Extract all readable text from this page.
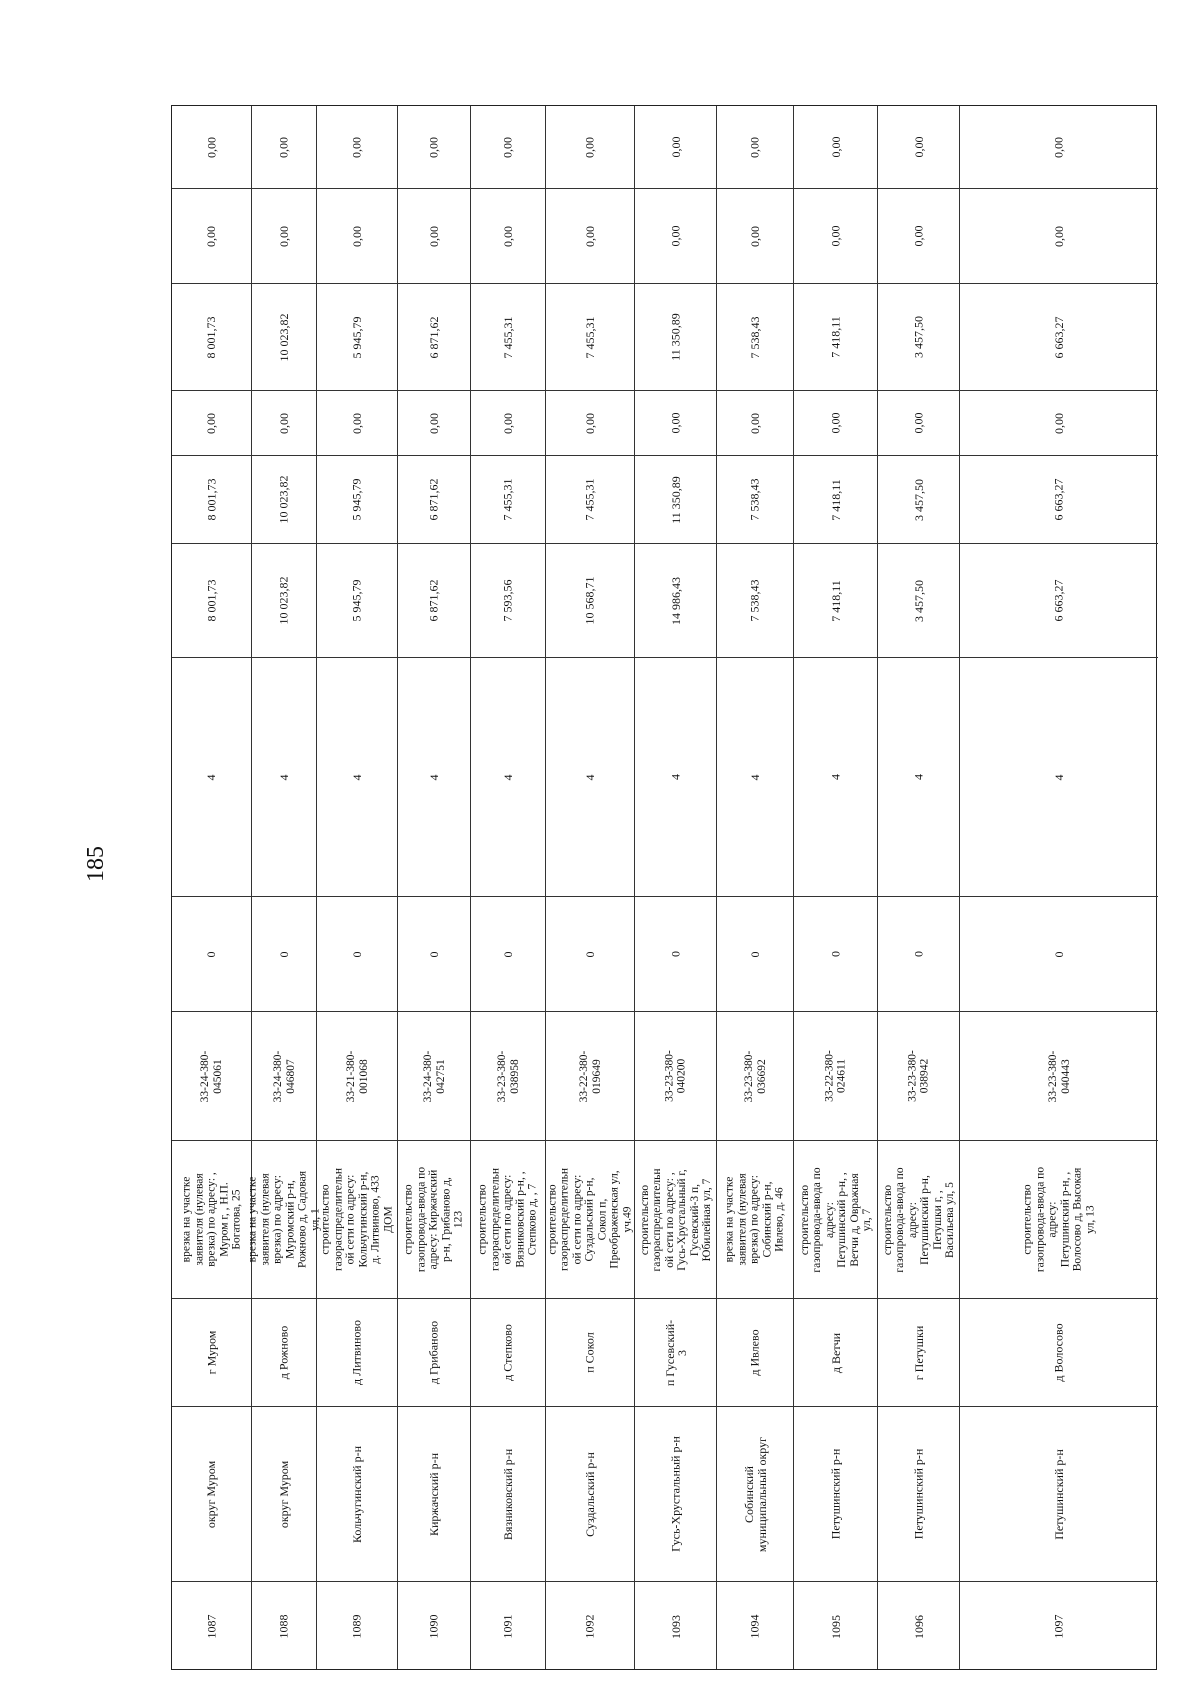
185
1087
округ Муром
г Муром
врезка на участке
заявителя (нулевая
врезка) по адресу: ,
Муром г, , Н.П.
Богатова, 25
33-24-380-
045061
0
4
8 001,73
8 001,73
0,00
8 001,73
0,00
0,00
1088
округ Муром
д Рожново
врезка на участке
заявителя (нулевая
врезка) по адресу:
Муромский р-н,
Рожново д, Садовая
ул, 1
33-24-380-
046807
0
4
10 023,82
10 023,82
0,00
10 023,82
0,00
0,00
1089
Кольчугинский р-н
д Литвиново
строительство
газораспределительн
ой сети по адресу:
Кольчугинский р-н,
д. Литвиново, 433
ДОМ
33-21-380-
001068
0
4
5 945,79
5 945,79
0,00
5 945,79
0,00
0,00
1090
Киржачский р-н
д Грибаново
строительство
газопровода-ввода по
адресу: Киржачский
р-н, Грибаново д,
123
33-24-380-
042751
0
4
6 871,62
6 871,62
0,00
6 871,62
0,00
0,00
1091
Вязниковский р-н
д Степково
строительство
газораспределительн
ой сети по адресу:
Вязниковский р-н, ,
Степково д, , 7
33-23-380-
038958
0
4
7 593,56
7 455,31
0,00
7 455,31
0,00
0,00
1092
Суздальский р-н
п Сокол
строительство
газораспределительн
ой сети по адресу:
Суздальский р-н,
Сокол п,
Преображенская ул,
уч.49
33-22-380-
019649
0
4
10 568,71
7 455,31
0,00
7 455,31
0,00
0,00
1093
Гусь-Хрустальный р-н
п Гусевский-
3
строительство
газораспределительн
ой сети по адресу: ,
Гусь-Хрустальный г,
Гусевский-3 п,
Юбилейная ул, 7
33-23-380-
040200
0
4
14 986,43
11 350,89
0,00
11 350,89
0,00
0,00
1094
Собинский
муниципальный округ
д Ивлево
врезка на участке
заявителя (нулевая
врезка) по адресу:
Собинский р-н,
Ивлево, д. 46
33-23-380-
036692
0
4
7 538,43
7 538,43
0,00
7 538,43
0,00
0,00
1095
Петушинский р-н
д Ветчи
строительство
газопровода-ввода по
адресу:
Петушинский р-н, ,
Ветчи д, Овражная
ул, 7
33-22-380-
024611
0
4
7 418,11
7 418,11
0,00
7 418,11
0,00
0,00
1096
Петушинский р-н
г Петушки
строительство
газопровода-ввода по
адресу:
Петушинский р-н,
Петушки г, ,
Васильева ул, 5
33-23-380-
038942
0
4
3 457,50
3 457,50
0,00
3 457,50
0,00
0,00
1097
Петушинский р-н
д Волосово
строительство
газопровода-ввода по
адресу:
Петушинский р-н, ,
Волосово д, Высокая
ул, 13
33-23-380-
040443
0
4
6 663,27
6 663,27
0,00
6 663,27
0,00
0,00
